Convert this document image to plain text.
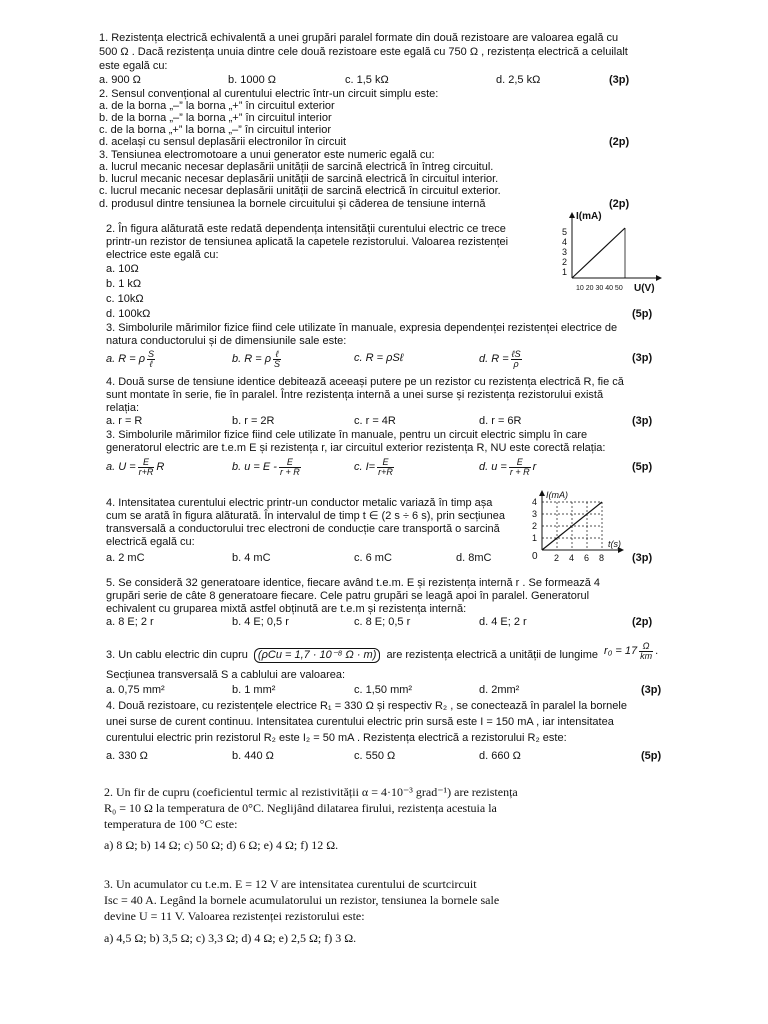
1. Rezistența electrică echivalentă a unei grupări paralel formate din două rezistoare are valoarea egală cu
500 Ω . Dacă rezistența unuia dintre cele două rezistoare este egală cu 750 Ω , rezistența electrică a celuilalt
este egală cu:
a. 900 Ω	b. 1000 Ω	c. 1,5 kΩ	d. 2,5 kΩ	(3p)
2. Sensul convențional al curentului electric într-un circuit simplu este:
a. de la borna „–” la borna „+” în circuitul exterior
b. de la borna „–” la borna „+” în circuitul interior
c. de la borna „+” la borna „–” în circuitul interior
d. același cu sensul deplasării electronilor în circuit	(2p)
3. Tensiunea electromotoare a unui generator este numeric egală cu:
a. lucrul mecanic necesar deplasării unității de sarcină electrică în întreg circuitul.
b. lucrul mecanic necesar deplasării unității de sarcină electrică în circuitul interior.
c. lucrul mecanic necesar deplasării unității de sarcină electrică în circuitul exterior.
d. produsul dintre tensiunea la bornele circuitului și căderea de tensiune internă	(2p)
2. În figura alăturată este redată dependența intensității curentului electric ce trece
printr-un rezistor de tensiunea aplicată la capetele rezistorului. Valoarea rezistenței
electrice este egală cu:
a. 10Ω
b. 1 kΩ
c. 10kΩ
d. 100kΩ	(5p)
I(mA)
1
2
3
4
5
10 20 30 40 50 U(V)
3. Simbolurile mărimilor fizice fiind cele utilizate în manuale, expresia dependenței rezistenței electrice de
natura conductorului și de dimensiunile sale este:
a. R = ρ $\frac{S}{\text{ℓ}}$	b. R = ρ $\frac{\text{ℓ}}{S}$	c. R = ρSℓ	d. $R = \frac{\text{ℓS}}{\rho}$	(3p)
4. Două surse de tensiune identice debitează aceeași putere pe un rezistor cu rezistența electrică R, fie că
sunt montate în serie, fie în paralel. Între rezistența internă a unei surse și rezistența rezistorului există
relația:
a. r = R	b. r = 2R	c. r = 4R	d. r = 6R	(3p)
3. Simbolurile mărimilor fizice fiind cele utilizate în manuale, pentru un circuit electric simplu în care
generatorul electric are t.e.m E și rezistența r, iar circuitul exterior rezistența R, NU este corectă relația:
a. $U = \frac{E}{r+R}$ R	b. $u = E - \frac{E}{r + R}$	c. $I= \frac{E}{r+R}$	d. $u = \frac{E}{r + R}$ r	(5p)
4. Intensitatea curentului electric printr-un conductor metalic variază în timp așa
cum se arată în figura alăturată. În intervalul de timp t ∈ (2 s ÷ 6 s), prin secțiunea
transversală a conductorului trec electroni de conducție care transportă o sarcină
electrică egală cu:
a. 2 mC	b. 4 mC	c. 6 mC	d. 8mC	(3p)
I(mA)
1
2
3
4
0 2 4 6 8
t(s)
5. Se consideră 32 generatoare identice, fiecare având t.e.m. E și rezistența internă r . Se formează 4
grupări serie de câte 8 generatoare fiecare. Cele patru grupări se leagă apoi în paralel. Generatorul
echivalent cu gruparea mixtă astfel obținută are t.e.m și rezistența internă:
a. 8 E; 2 r	b. 4 E; 0,5 r	c. 8 E; 0,5 r	d. 4 E; 2 r	(2p)
3. Un cablu electric din cupru (ρCu = 1,7 · 10⁻⁸ Ω · m) are rezistența electrică a unității de lungime $r_0 = 17 \frac{\Omega}{km}$ .
Secțiunea transversală S a cablului are valoarea:
a. 0,75 mm²	b. 1 mm²	c. 1,50 mm²	d. 2mm²	(3p)
4. Două rezistoare, cu rezistențele electrice R₁ = 330 Ω și respectiv R₂ , se conectează în paralel la bornele
unei surse de curent continuu. Intensitatea curentului electric prin sursă este I = 150 mA , iar intensitatea
curentului electric prin rezistorul R₂ este I₂ = 50 mA . Rezistența electrică a rezistorului R₂ este:
a. 330 Ω	b. 440 Ω	c. 550 Ω	d. 660 Ω	(5p)
2. Un fir de cupru (coeficientul termic al rezistivității α = 4·10⁻³ grad⁻¹) are rezistența
R₀ = 10 Ω la temperatura de 0°C. Neglijând dilatarea firului, rezistența acestuia la
temperatura de 100 °C este:
a) 8 Ω; b) 14 Ω; c) 50 Ω; d) 6 Ω; e) 4 Ω; f) 12 Ω.
3. Un acumulator cu t.e.m. E = 12 V are intensitatea curentului de scurtcircuit
Isc = 40 A. Legând la bornele acumulatorului un rezistor, tensiunea la bornele sale
devine U = 11 V. Valoarea rezistenței rezistorului este:
a) 4,5 Ω; b) 3,5 Ω; c) 3,3 Ω; d) 4 Ω; e) 2,5 Ω; f) 3 Ω.
